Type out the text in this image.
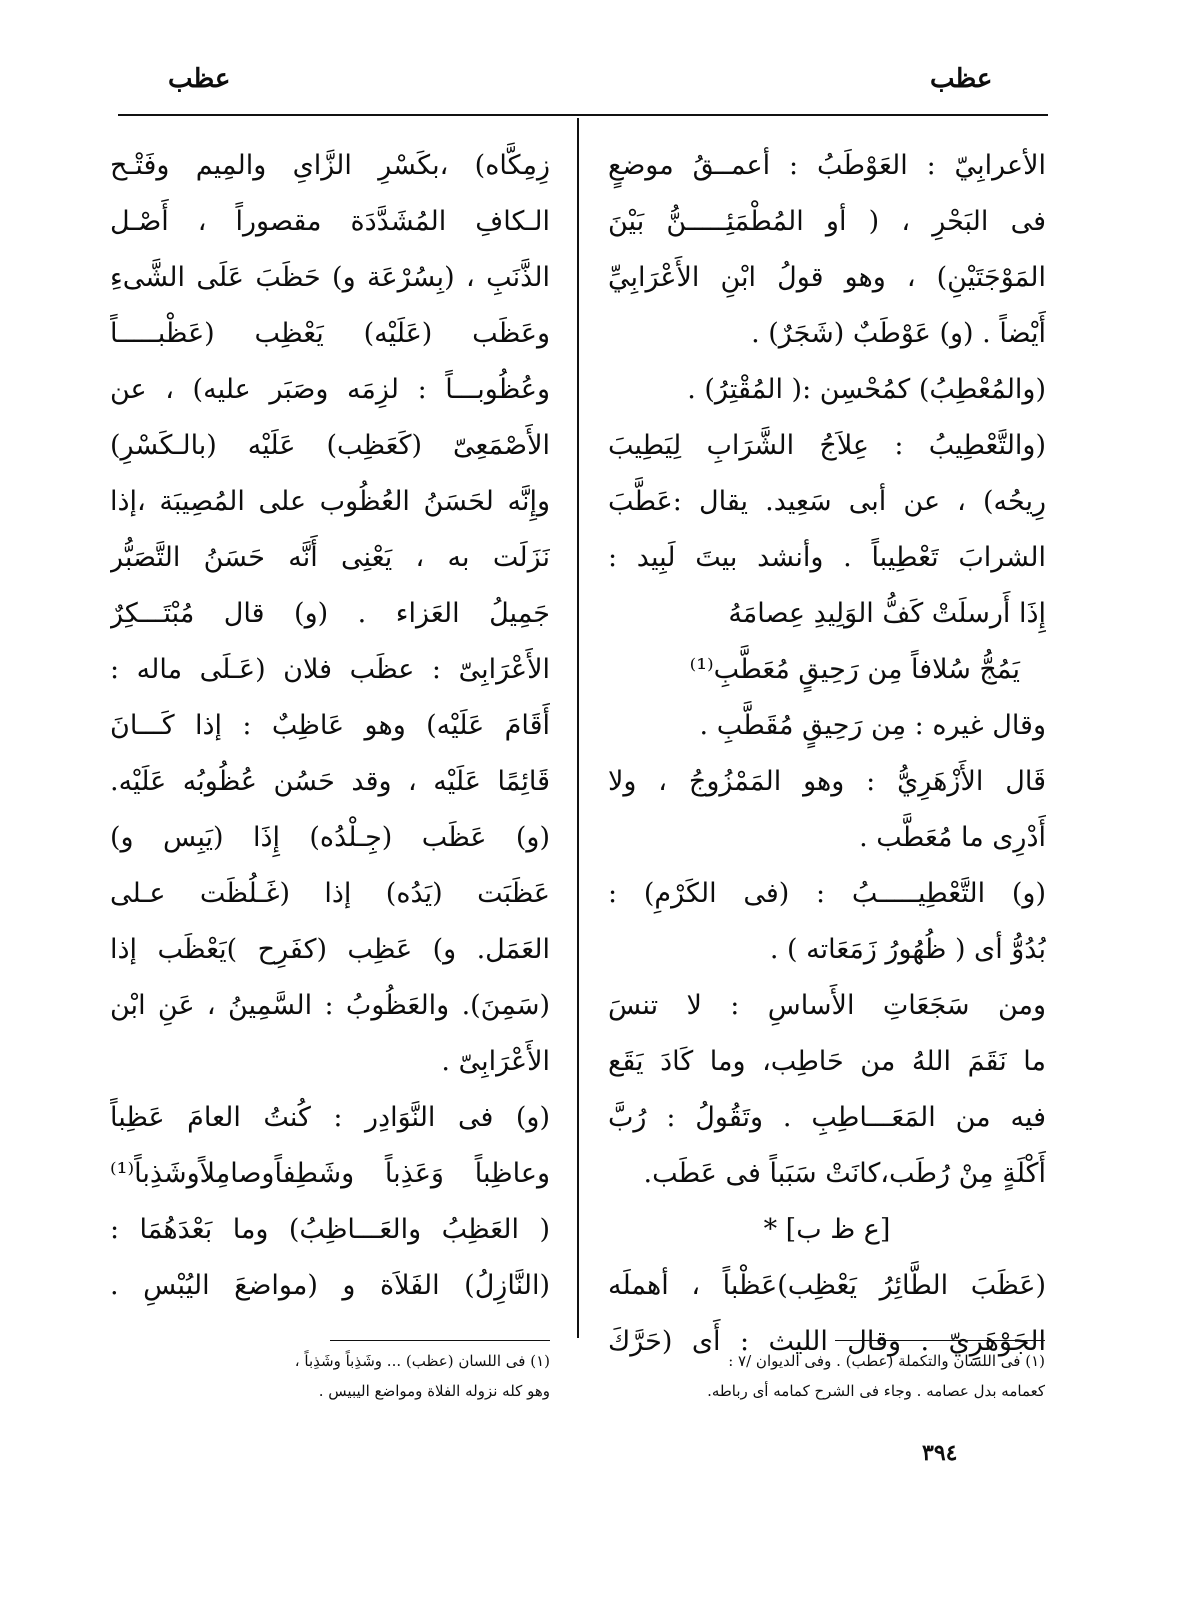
عظب
عظب
الأعرابِيّ : العَوْطَبُ : أعمــقُ موضعٍ
فى البَحْرِ ، ( أو المُطْمَئِـــــنُّ بَيْنَ
المَوْجَتَيْنِ) ، وهو قولُ ابْنِ الأَعْرَابِيِّ
أَيْضاً . (و) عَوْطَبٌ (شَجَرٌ) .
(والمُعْطِبُ) كمُحْسِن :( المُقْتِرُ) .
(والتَّعْطِيبُ : عِلاَجُ الشَّرَابِ لِيَطِيبَ
رِيحُه) ، عن أبى سَعِيد. يقال :عَطَّبَ
الشرابَ تَعْطِيباً . وأنشد بيتَ لَبِيد :
إِذَا أَرسلَتْ كَفُّ الوَلِيدِ عِصامَهُ
يَمُجُّ سُلافاً مِن رَحِيقٍ مُعَطَّبِ⁽¹⁾
وقال غيره : مِن رَحِيقٍ مُقَطَّبِ .
قَال الأَزْهَرِيُّ : وهو المَمْزُوجُ ، ولا
أَدْرِى ما مُعَطَّب .
(و) التَّعْطِيـــــبُ : (فى الكَرْمِ) :
بُدُوُّ أى ( ظُهُورُ زَمَعَاته ) .
ومن سَجَعَاتِ الأَساسِ : لا تنسَ
ما نَقَمَ اللهُ من حَاطِب، وما كَادَ يَقَع
فيه من المَعَـــاطِبِ . وتَقُولُ : رُبَّ
أَكْلَةٍ مِنْ رُطَب،كانَتْ سَبَباً فى عَطَب.
[ع ظ ب] *
(عَظَبَ الطَّائِرُ يَعْظِب)عَظْباً ، أهملَه
الجَوْهَرِيّ . وقال الليث : أَى (حَرَّكَ
زِمِكَّاه) ،بكَسْرِ الزَّاىِ والمِيم وفَتْـح
الـكافِ المُشَدَّدَة مقصوراً ، أَصْـل
الذَّنَبِ ، (بِسُرْعَة و) حَظَبَ عَلَى الشَّىءِ
وعَظَب (عَلَيْه) يَعْظِب (عَظْبـــــاً
وعُظُوبـــاً : لزِمَه وصَبَر عليه) ، عن
الأَصْمَعِىّ (كَعَظِب) عَلَيْه (بالـكَسْرِ)
وإِنَّه لحَسَنُ العُظُوب على المُصِيبَة ،إذا
نَزَلَت به ، يَعْنِى أَنَّه حَسَنُ التَّصَبُّر
جَمِيلُ العَزاء . (و) قال مُبْتَـــكِرٌ
الأَعْرَابِىّ : عظَب فلان (عَـلَى ماله :
أَقَامَ عَلَيْه) وهو عَاظِبٌ : إذا كَـــانَ
قَائِمًا عَلَيْه ، وقد حَسُن عُظُوبُه عَلَيْه.
(و) عَظَب (جِـلْدُه) إِذَا (يَبِس و)
عَظَبَت (يَدُه) إذا (غَـلُظَت عـلى
العَمَل. و) عَظِب (كفَرِح )يَعْظَب إذا
(سَمِنَ). والعَظُوبُ : السَّمِينُ ، عَنِ ابْن
الأَعْرَابِىّ .
(و) فى النَّوَادِر : كُنتُ العامَ عَظِباً
وعاظِباً وَعَذِباً وشَطِفاًوصامِلاًوشَذِباً⁽¹⁾
( العَظِبُ والعَـــاظِبُ) وما بَعْدَهُمَا :
(النَّازِلُ) الفَلاَة و (مواضعَ اليُبْسِ .
(١) فى اللسان والتكملة (عطب) . وفى الديوان /٧ :
كعمامه بدل عصامه . وجاء فى الشرح كمامه أى رباطه.
(١) فى اللسان (عظب) ... وشَذِباً وشَذِباً ،
وهو كله نزوله الفلاة ومواضع اليبيس .
٣٩٤
